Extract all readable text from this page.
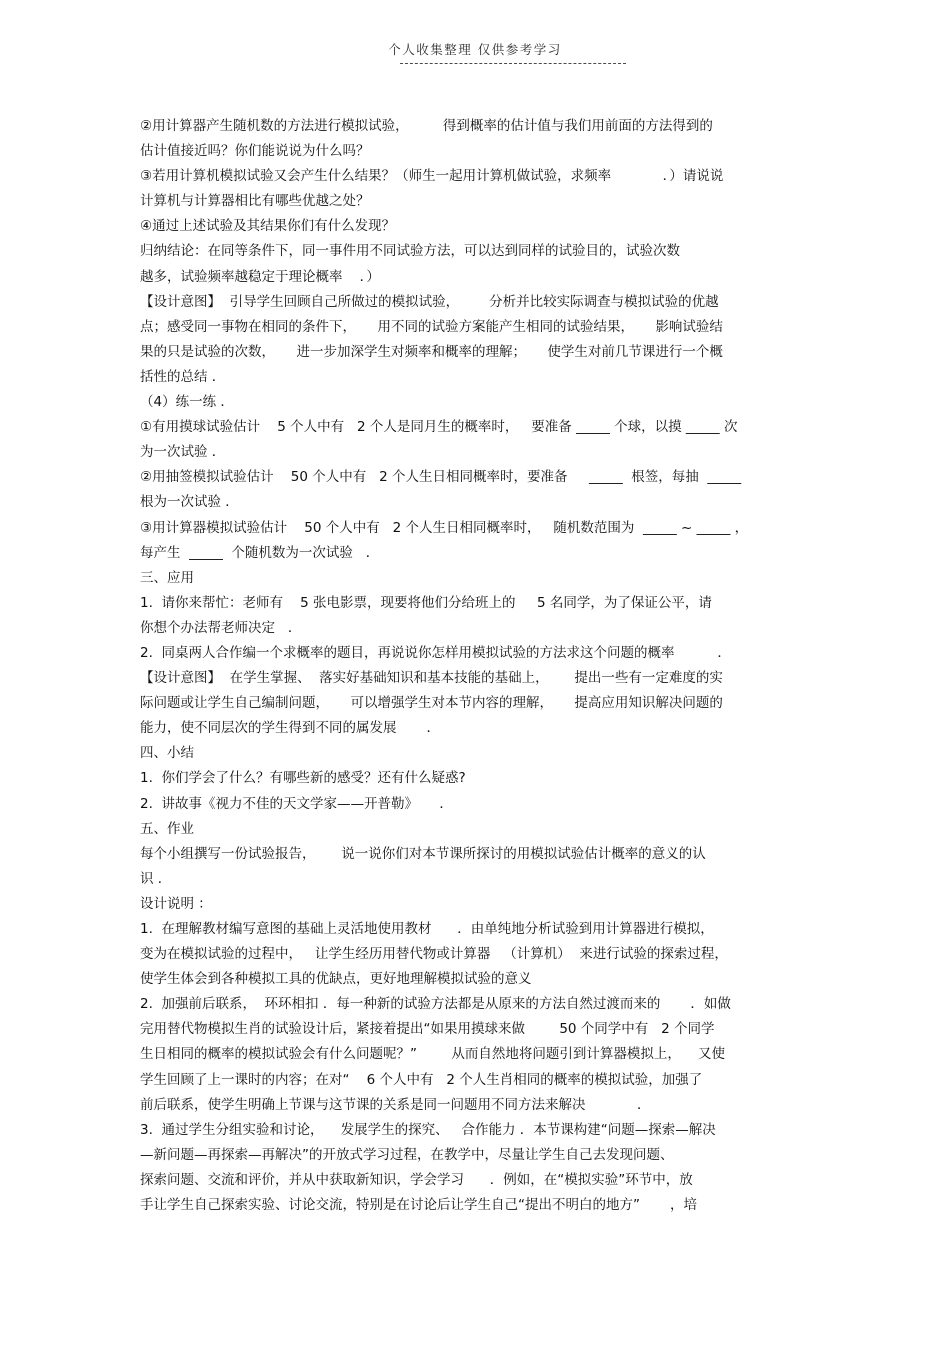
个人收集整理 仅供参考学习
②用计算器产生随机数的方法进行模拟试验，        得到概率的估计值与我们用前面的方法得到的
估计值接近吗？你们能说说为什么吗？
③若用计算机模拟试验又会产生什么结果？（师生一起用计算机做试验，求频率            ．）请说说
计算机与计算器相比有哪些优越之处？
④通过上述试验及其结果你们有什么发现？
归纳结论：在同等条件下，同一事件用不同试验方法，可以达到同样的试验目的，试验次数
越多，试验频率越稳定于理论概率    ．）
【设计意图】  引导学生回顾自己所做过的模拟试验，       分析并比较实际调查与模拟试验的优越
点；感受同一事物在相同的条件下，     用不同的试验方案能产生相同的试验结果，     影响试验结
果的只是试验的次数，     进一步加深学生对频率和概率的理解；     使学生对前几节课进行一个概
括性的总结 ．
（4）练一练 ．
①有用摸球试验估计    5 个人中有   2 个人是同月生的概率时，   要准备 _____ 个球，以摸 _____ 次
为一次试验 ．
②用抽签模拟试验估计    50 个人中有   2 个人生日相同概率时，要准备     _____  根签，每抽  _____
根为一次试验 ．
③用计算器模拟试验估计    50 个人中有   2 个人生日相同概率时，   随机数范围为  _____ ~ _____ ，
每产生  _____  个随机数为一次试验   ．
三、应用
1.  请你来帮忙：老师有    5 张电影票，现要将他们分给班上的     5 名同学，为了保证公平，请
你想个办法帮老师决定   ．
2.  同桌两人合作编一个求概率的题目，再说说你怎样用模拟试验的方法求这个问题的概率          ．
【设计意图】  在学生掌握、  落实好基础知识和基本技能的基础上，      提出一些有一定难度的实
际问题或让学生自己编制问题，     可以增强学生对本节内容的理解，     提高应用知识解决问题的
能力，使不同层次的学生得到不同的属发展       ．
四、小结
1.  你们学会了什么？有哪些新的感受？还有什么疑惑?
2.  讲故事《视力不佳的天文学家——开普勒》     ．
五、作业
每个小组撰写一份试验报告，      说一说你们对本节课所探讨的用模拟试验估计概率的意义的认
识 ．
设计说明 ：
1.  在理解教材编写意图的基础上灵活地使用教材      ．由单纯地分析试验到用计算器进行模拟，
变为在模拟试验的过程中，   让学生经历用替代物或计算器   （计算机）  来进行试验的探索过程，
使学生体会到各种模拟工具的优缺点，更好地理解模拟试验的意义
2.  加强前后联系，  环环相扣 ．每一种新的试验方法都是从原来的方法自然过渡而来的       ．如做
完用替代物模拟生肖的试验设计后，紧接着提出“如果用摸球来做        50 个同学中有   2 个同学
生日相同的概率的模拟试验会有什么问题呢？”        从而自然地将问题引到计算器模拟上，    又使
学生回顾了上一课时的内容；在对“    6 个人中有   2 个人生肖相同的概率的模拟试验，加强了
前后联系，使学生明确上节课与这节课的关系是同一问题用不同方法来解决            ．
3.  通过学生分组实验和讨论，    发展学生的探究、   合作能力 ．本节课构建“问题—探索—解决
—新问题—再探索—再解决”的开放式学习过程，在教学中，尽量让学生自己去发现问题、
探索问题、交流和评价，并从中获取新知识，学会学习      ．例如，在“模拟实验”环节中，放
手让学生自己探索实验、讨论交流，特别是在讨论后让学生自己“提出不明白的地方”       ，培
